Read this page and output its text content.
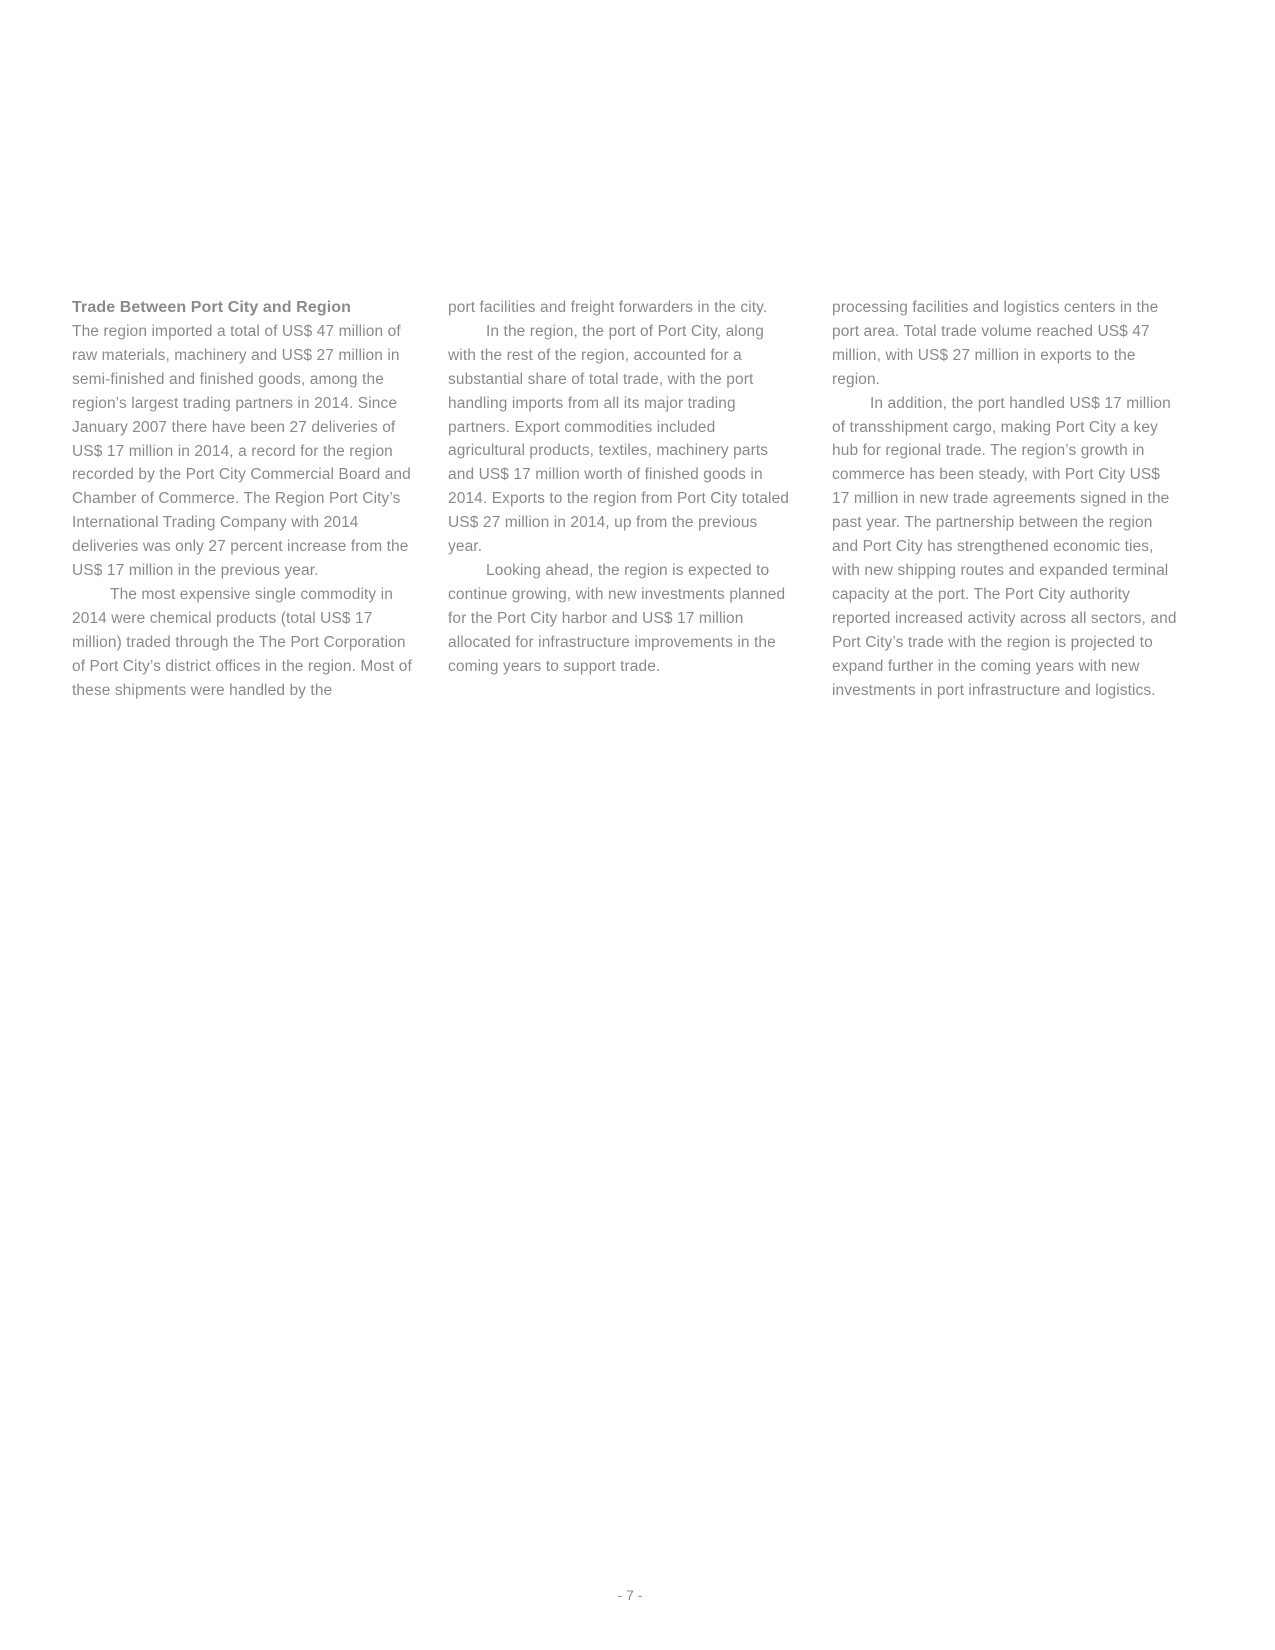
Trade Between Port City and Region

The region imported a total of US$ 47 million of raw materials, machinery and US$ 27 million in semi-finished and finished goods, among the region’s largest trading partners in 2014. Since January 2007 there have been 27 deliveries of US$ 17 million in 2014, a record for the region recorded by the Port City Commercial Board and Chamber of Commerce. The Region Port City’s International Trading Company with 2014 deliveries was only 27 percent increase from the US$ 17 million in the previous year.

The most expensive single commodity in 2014 were chemical products (total US$ 17 million) traded through the The Port Corporation of Port City’s district offices in the region. Most of these shipments were handled by the

port facilities and freight forwarders in the city.

In the region, the port of Port City, along with the rest of the region, accounted for a substantial share of total trade, with the port handling imports from all its major trading partners. Export commodities included agricultural products, textiles, machinery parts and US$ 17 million worth of finished goods in 2014. Exports to the region from Port City totaled US$ 27 million in 2014, up from the previous year.

Looking ahead, the region is expected to continue growing, with new investments planned for the Port City harbor and US$ 17 million allocated for infrastructure improvements in the coming years to support trade.

processing facilities and logistics centers in the port area. Total trade volume reached US$ 47 million, with US$ 27 million in exports to the region.

In addition, the port handled US$ 17 million of transshipment cargo, making Port City a key hub for regional trade. The region’s growth in commerce has been steady, with Port City US$ 17 million in new trade agreements signed in the past year. The partnership between the region and Port City has strengthened economic ties, with new shipping routes and expanded terminal capacity at the port. The Port City authority reported increased activity across all sectors, and Port City’s trade with the region is projected to expand further in the coming years with new investments in port infrastructure and logistics.

- 7 -
